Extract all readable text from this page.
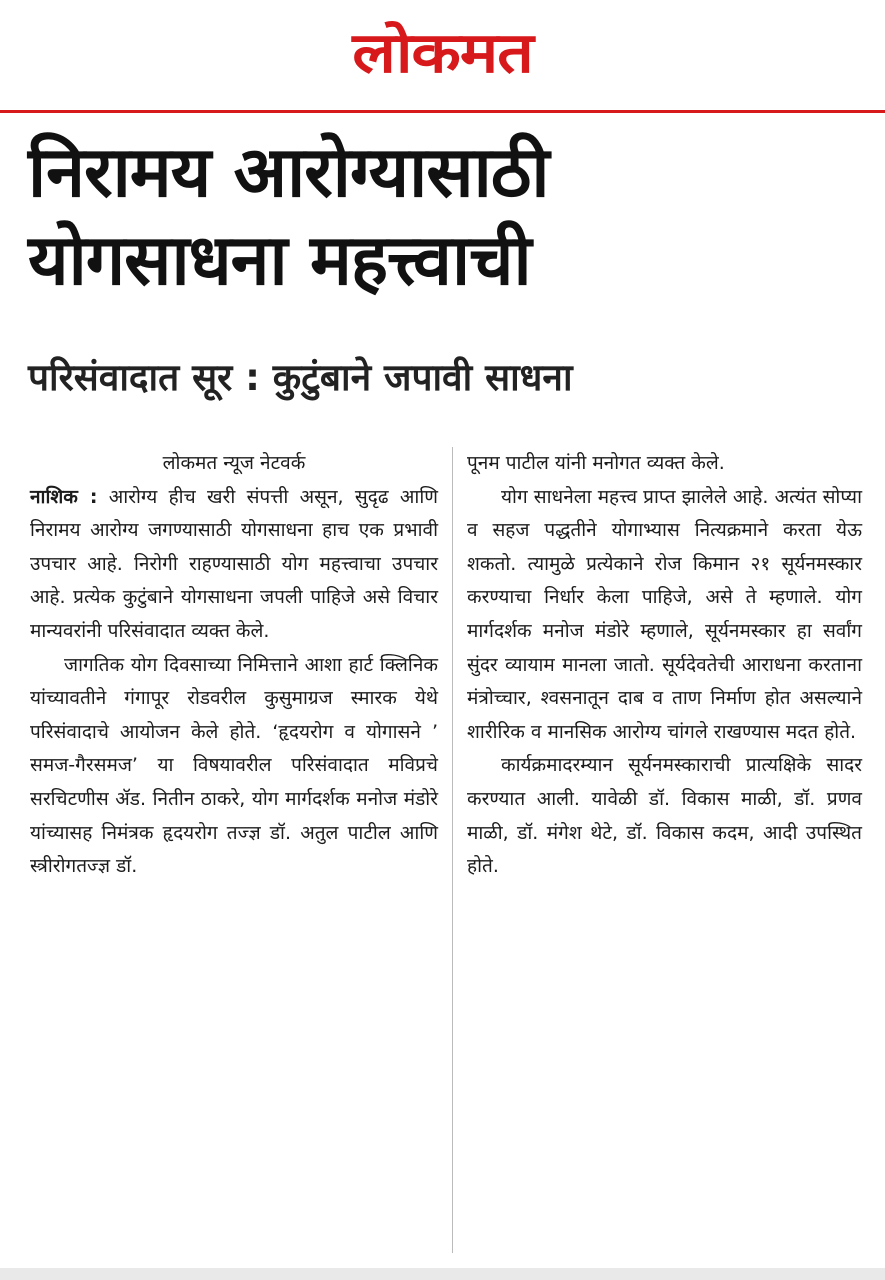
लोकमत
निरामय आरोग्यासाठी
योगसाधना महत्त्वाची
परिसंवादात सूर : कुटुंबाने जपावी साधना

लोकमत न्यूज नेटवर्क

नाशिक : आरोग्य हीच खरी संपत्ती असून, सुदृढ आणि निरामय आरोग्य जगण्यासाठी योगसाधना हाच एक प्रभावी उपचार आहे. निरोगी राहण्यासाठी योग महत्त्वाचा उपचार आहे. प्रत्येक कुटुंबाने योगसाधना जपली पाहिजे असे विचार मान्यवरांनी परिसंवादात व्यक्त केले.

जागतिक योग दिवसाच्या निमित्ताने आशा हार्ट क्लिनिक यांच्यावतीने गंगापूर रोडवरील कुसुमाग्रज स्मारक येथे परिसंवादाचे आयोजन केले होते. ‘हृदयरोग व योगासने ’ समज-गैरसमज’ या विषयावरील परिसंवादात मविप्रचे सरचिटणीस ॲड. नितीन ठाकरे, योग मार्गदर्शक मनोज मंडोरे यांच्यासह निमंत्रक हृदयरोग तज्ज्ञ डॉ. अतुल पाटील आणि स्त्रीरोगतज्ज्ञ डॉ.

पूनम पाटील यांनी मनोगत व्यक्त केले.

योग साधनेला महत्त्व प्राप्त झालेले आहे. अत्यंत सोप्या व सहज पद्धतीने योगाभ्यास नित्यक्रमाने करता येऊ शकतो. त्यामुळे प्रत्येकाने रोज किमान २१ सूर्यनमस्कार करण्याचा निर्धार केला पाहिजे, असे ते म्हणाले. योग मार्गदर्शक मनोज मंडोरे म्हणाले, सूर्यनमस्कार हा सर्वांग सुंदर व्यायाम मानला जातो. सूर्यदेवतेची आराधना करताना मंत्रोच्चार, श्वसनातून दाब व ताण निर्माण होत असल्याने शारीरिक व मानसिक आरोग्य चांगले राखण्यास मदत होते.

कार्यक्रमादरम्यान सूर्यनमस्काराची प्रात्यक्षिके सादर करण्यात आली. यावेळी डॉ. विकास माळी, डॉ. प्रणव माळी, डॉ. मंगेश थेटे, डॉ. विकास कदम, आदी उपस्थित होते.
